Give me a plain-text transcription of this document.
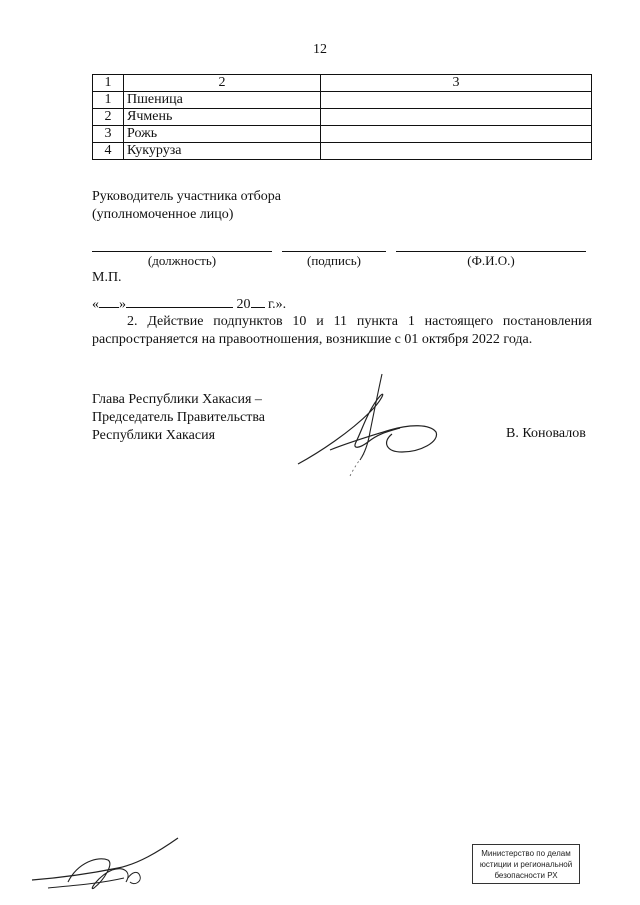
12
1	2	3
1	Пшеница	
2	Ячмень	
3	Рожь	
4	Кукуруза	
Руководитель участника отбора
(уполномоченное лицо)
(должность)	(подпись)	(Ф.И.О.)
М.П.
« »	20 г.».
2. Действие подпунктов 10 и 11 пункта 1 настоящего постановления распространяется на правоотношения, возникшие с 01 октября 2022 года.
Глава Республики Хакасия –
Председатель Правительства
Республики Хакасия	В. Коновалов
Министерство по делам
юстиции и региональной
безопасности РХ
